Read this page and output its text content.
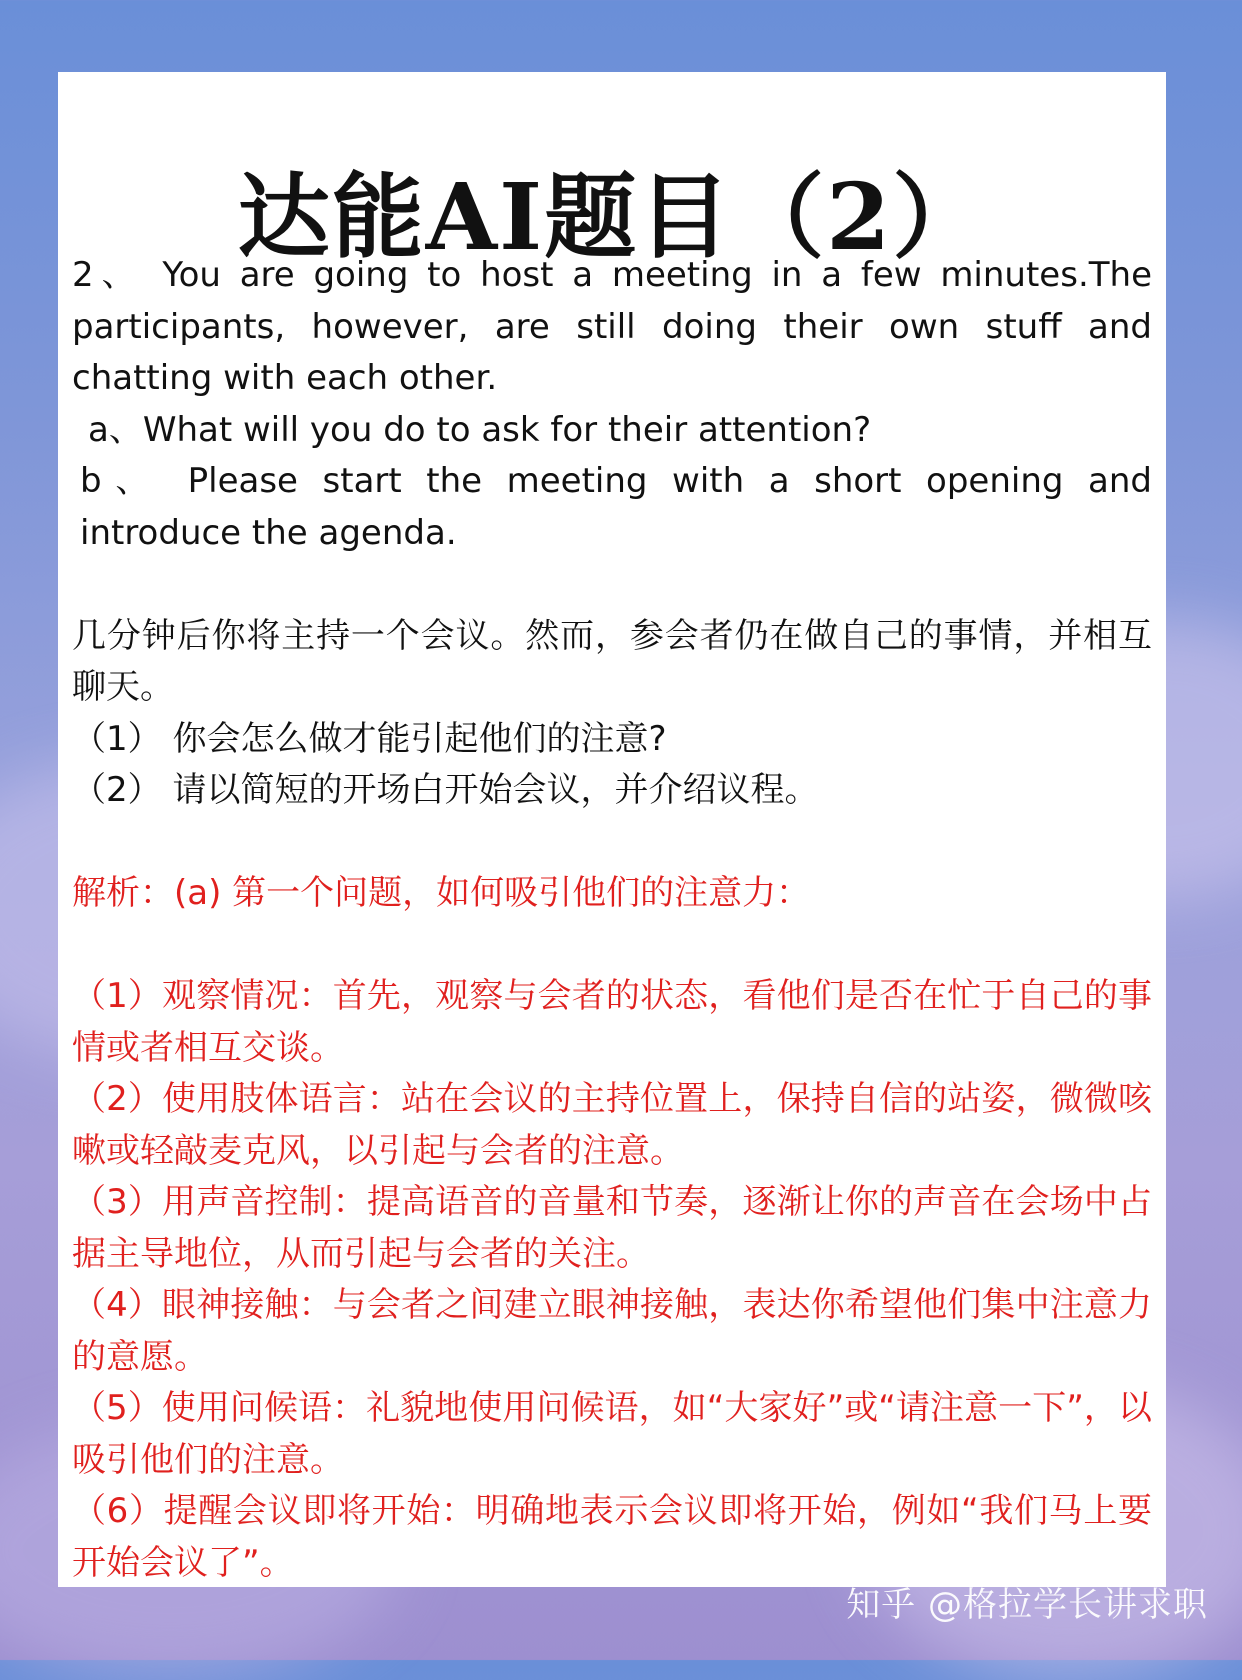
达能AI题目（2）

2、 You are going to host a meeting in a few minutes.The participants, however, are still doing their own stuff and chatting with each other.

a、What will you do to ask for their attention?

b、 Please start the meeting with a short opening and introduce the agenda.

几分钟后你将主持一个会议。然而，参会者仍在做自己的事情，并相互聊天。

（1） 你会怎么做才能引起他们的注意?

（2） 请以简短的开场白开始会议，并介绍议程。

解析：(a) 第一个问题，如何吸引他们的注意力：

（1）观察情况：首先，观察与会者的状态，看他们是否在忙于自己的事情或者相互交谈。

（2）使用肢体语言：站在会议的主持位置上，保持自信的站姿，微微咳嗽或轻敲麦克风，以引起与会者的注意。

（3）用声音控制：提高语音的音量和节奏，逐渐让你的声音在会场中占据主导地位，从而引起与会者的关注。

（4）眼神接触：与会者之间建立眼神接触，表达你希望他们集中注意力的意愿。

（5）使用问候语：礼貌地使用问候语，如“大家好”或“请注意一下”，以吸引他们的注意。

（6）提醒会议即将开始：明确地表示会议即将开始，例如“我们马上要开始会议了”。

知乎 @格拉学长讲求职
